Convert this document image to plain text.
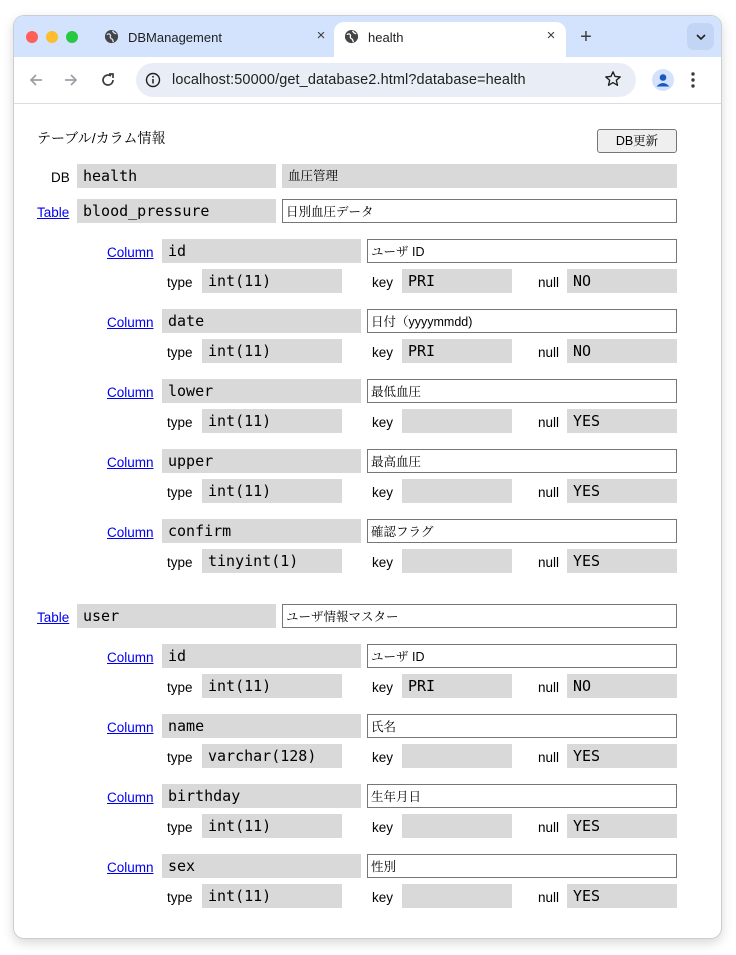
DBManagement	×	health	× +
localhost:50000/get_database2.html?database=health
テーブル/カラム情報	DB更新
DB health	血圧管理
Table blood_pressure
日別血圧データ
Column id
ユーザ ID
type	int(11)	key PRI	null NO
Column date
日付（yyyymmdd)
type	int(11)	key PRI	null NO
Column lower
最低血圧
type	int(11)	key	null YES
Column upper
最高血圧
type	int(11)	key	null YES
Column confirm
確認フラグ
type	tinyint(1)	key	null YES
Table user
ユーザ情報マスター
Column id
ユーザ ID
type	int(11)	key PRI	null NO
Column name
氏名
type	varchar(128)	key	null YES
Column birthday
生年月日
type	int(11)	key	null YES
Column sex
性別
type	int(11)	key	null YES
